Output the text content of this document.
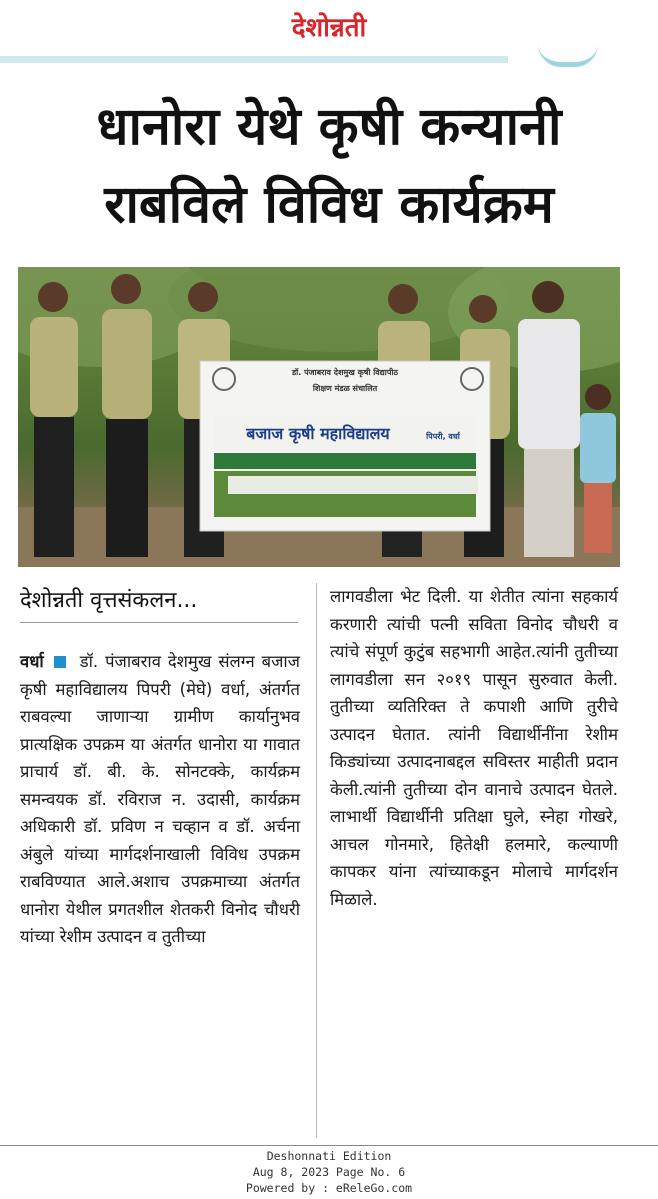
देशोन्नती
धानोरा येथे कृषी कन्यानी
राबविले विविध कार्यक्रम
डॉ. पंजाबराव देशमुख कृषी विद्यापीठ
शिक्षण मंडळ संचालित
बजाज कृषी महाविद्यालय	पिपरी, वर्धा
देशोन्नती वृत्तसंकलन...

वर्धा डॉ. पंजाबराव देशमुख संलग्न बजाज कृषी महाविद्यालय पिपरी (मेघे) वर्धा, अंतर्गत राबवल्या जाणाऱ्या ग्रामीण कार्यानुभव प्रात्यक्षिक उपक्रम या अंतर्गत धानोरा या गावात प्राचार्य डॉ. बी. के. सोनटक्के, कार्यक्रम समन्वयक डॉ. रविराज न. उदासी, कार्यक्रम अधिकारी डॉ. प्रविण न चव्हान व डॉ. अर्चना अंबुले यांच्या मार्गदर्शनाखाली विविध उपक्रम राबविण्यात आले.अशाच उपक्रमाच्या अंतर्गत धानोरा येथील प्रगतशील शेतकरी विनोद चौधरी यांच्या रेशीम उत्पादन व तुतीच्या

लागवडीला भेट दिली. या शेतीत त्यांना सहकार्य करणारी त्यांची पत्नी सविता विनोद चौधरी व त्यांचे संपूर्ण कुटुंब सहभागी आहेत.त्यांनी तुतीच्या लागवडीला सन २०१९ पासून सुरुवात केली. तुतीच्या व्यतिरिक्त ते कपाशी आणि तुरीचे उत्पादन घेतात. त्यांनी विद्यार्थीनींना रेशीम किड्यांच्या उत्पादनाबद्दल सविस्तर माहीती प्रदान केली.त्यांनी तुतीच्या दोन वानाचे उत्पादन घेतले. लाभार्थी विद्यार्थीनी प्रतिक्षा घुले, स्नेहा गोखरे, आचल गोनमारे, हितेक्षी हलमारे, कल्याणी कापकर यांना त्यांच्याकडून मोलाचे मार्गदर्शन मिळाले.

Deshonnati Edition
Aug 8, 2023 Page No. 6
Powered by : eReleGo.com
